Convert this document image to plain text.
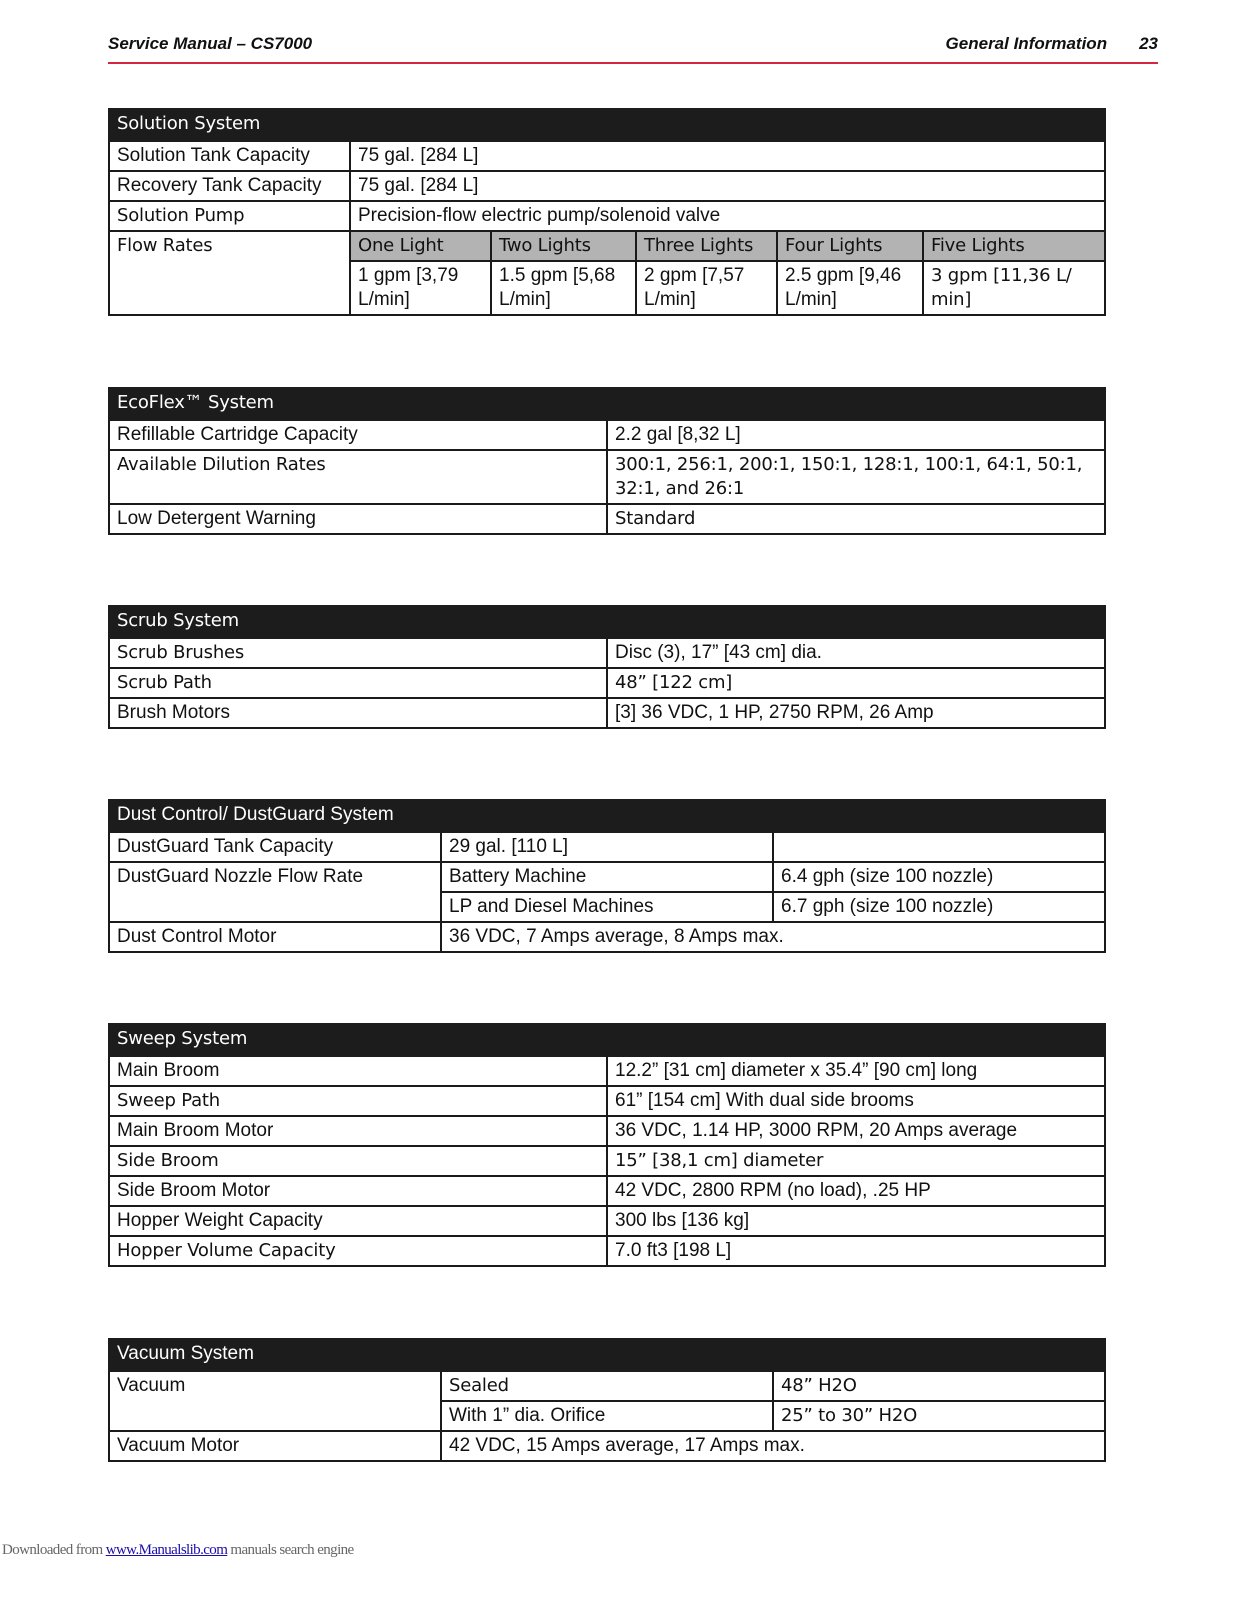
Service Manual – CS7000	General Information 23
Solution System					
Solution Tank Capacity	75 gal. [284 L]				
Recovery Tank Capacity	75 gal. [284 L]				
Solution Pump	Precision-flow electric pump/solenoid valve				
Flow Rates	One Light	Two Lights	Three Lights	Four Lights	Five Lights
	1 gpm [3,79 L/min]	1.5 gpm [5,68 L/min]	2 gpm [7,57 L/min]	2.5 gpm [9,46 L/min]	3 gpm [11,36 L/ min]
EcoFlex™ System	
Refillable Cartridge Capacity	2.2 gal [8,32 L]
Available Dilution Rates	300:1, 256:1, 200:1, 150:1, 128:1, 100:1, 64:1, 50:1, 32:1, and 26:1
Low Detergent Warning	Standard
Scrub System	
Scrub Brushes	Disc (3), 17” [43 cm] dia.
Scrub Path	48” [122 cm]
Brush Motors	[3] 36 VDC, 1 HP, 2750 RPM, 26 Amp
Dust Control/ DustGuard System		
DustGuard Tank Capacity	29 gal. [110 L]	
DustGuard Nozzle Flow Rate	Battery Machine	6.4 gph (size 100 nozzle)
	LP and Diesel Machines	6.7 gph (size 100 nozzle)
Dust Control Motor	36 VDC, 7 Amps average, 8 Amps max.	
Sweep System	
Main Broom	12.2” [31 cm] diameter x 35.4” [90 cm] long
Sweep Path	61” [154 cm] With dual side brooms
Main Broom Motor	36 VDC, 1.14 HP, 3000 RPM, 20 Amps average
Side Broom	15” [38,1 cm] diameter
Side Broom Motor	42 VDC, 2800 RPM (no load), .25 HP
Hopper Weight Capacity	300 lbs [136 kg]
Hopper Volume Capacity	7.0 ft3 [198 L]
Vacuum System		
Vacuum	Sealed	48” H2O
	With 1” dia. Orifice	25” to 30” H2O
Vacuum Motor	42 VDC, 15 Amps average, 17 Amps max.	
Downloaded from www.Manualslib.com manuals search engine
